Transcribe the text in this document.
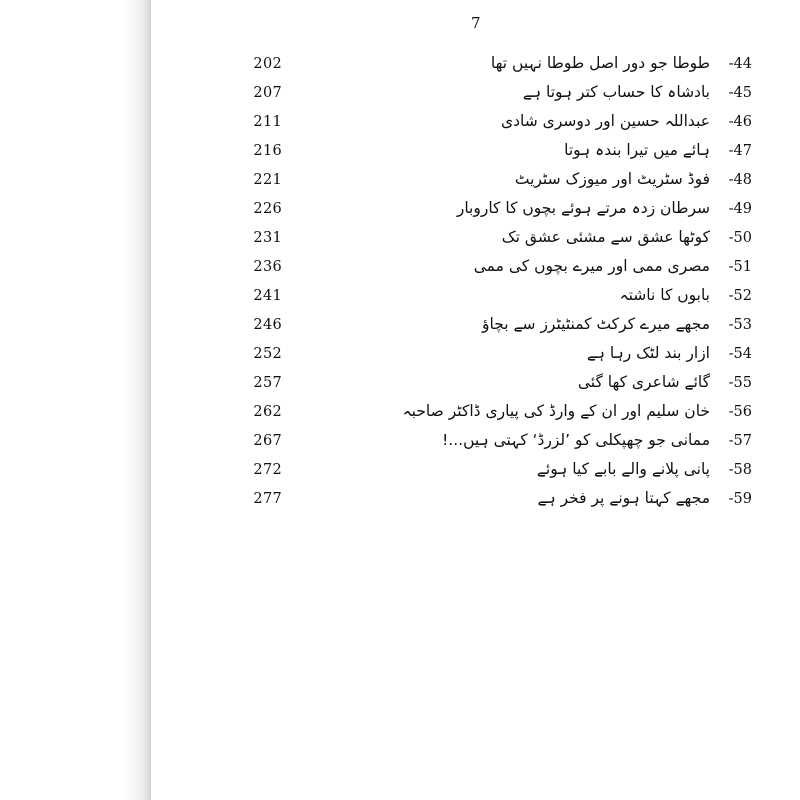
7
202	طوطا جو دور اصل طوطا نہیں تھا	44-
207	بادشاہ کا حساب کتر ہوتا ہے	45-
211	عبداللہ حسین اور دوسری شادی	46-
216	ہائے میں تیرا بندہ ہوتا	47-
221	فوڈ سٹریٹ اور میوزک سٹریٹ	48-
226	سرطان زدہ مرتے ہوئے بچوں کا کاروبار	49-
231	کوٹھا عشق سے مشئی عشق تک	50-
236	مصری ممی اور میرے بچوں کی ممی	51-
241	بابوں کا ناشتہ	52-
246	مجھے میرے کرکٹ کمنٹیٹرز سے بچاؤ	53-
252	ازار بند لٹک رہا ہے	54-
257	گائے شاعری کھا گئی	55-
262	خان سلیم اور ان کے وارڈ کی پیاری ڈاکٹر صاحبہ	56-
267	ممانی جو چھپکلی کو ’لزرڈ‘ کہتی ہیں...!	57-
272	پانی پلانے والے بابے کیا ہوئے	58-
277	مجھے کہتا ہونے پر فخر ہے	59-
